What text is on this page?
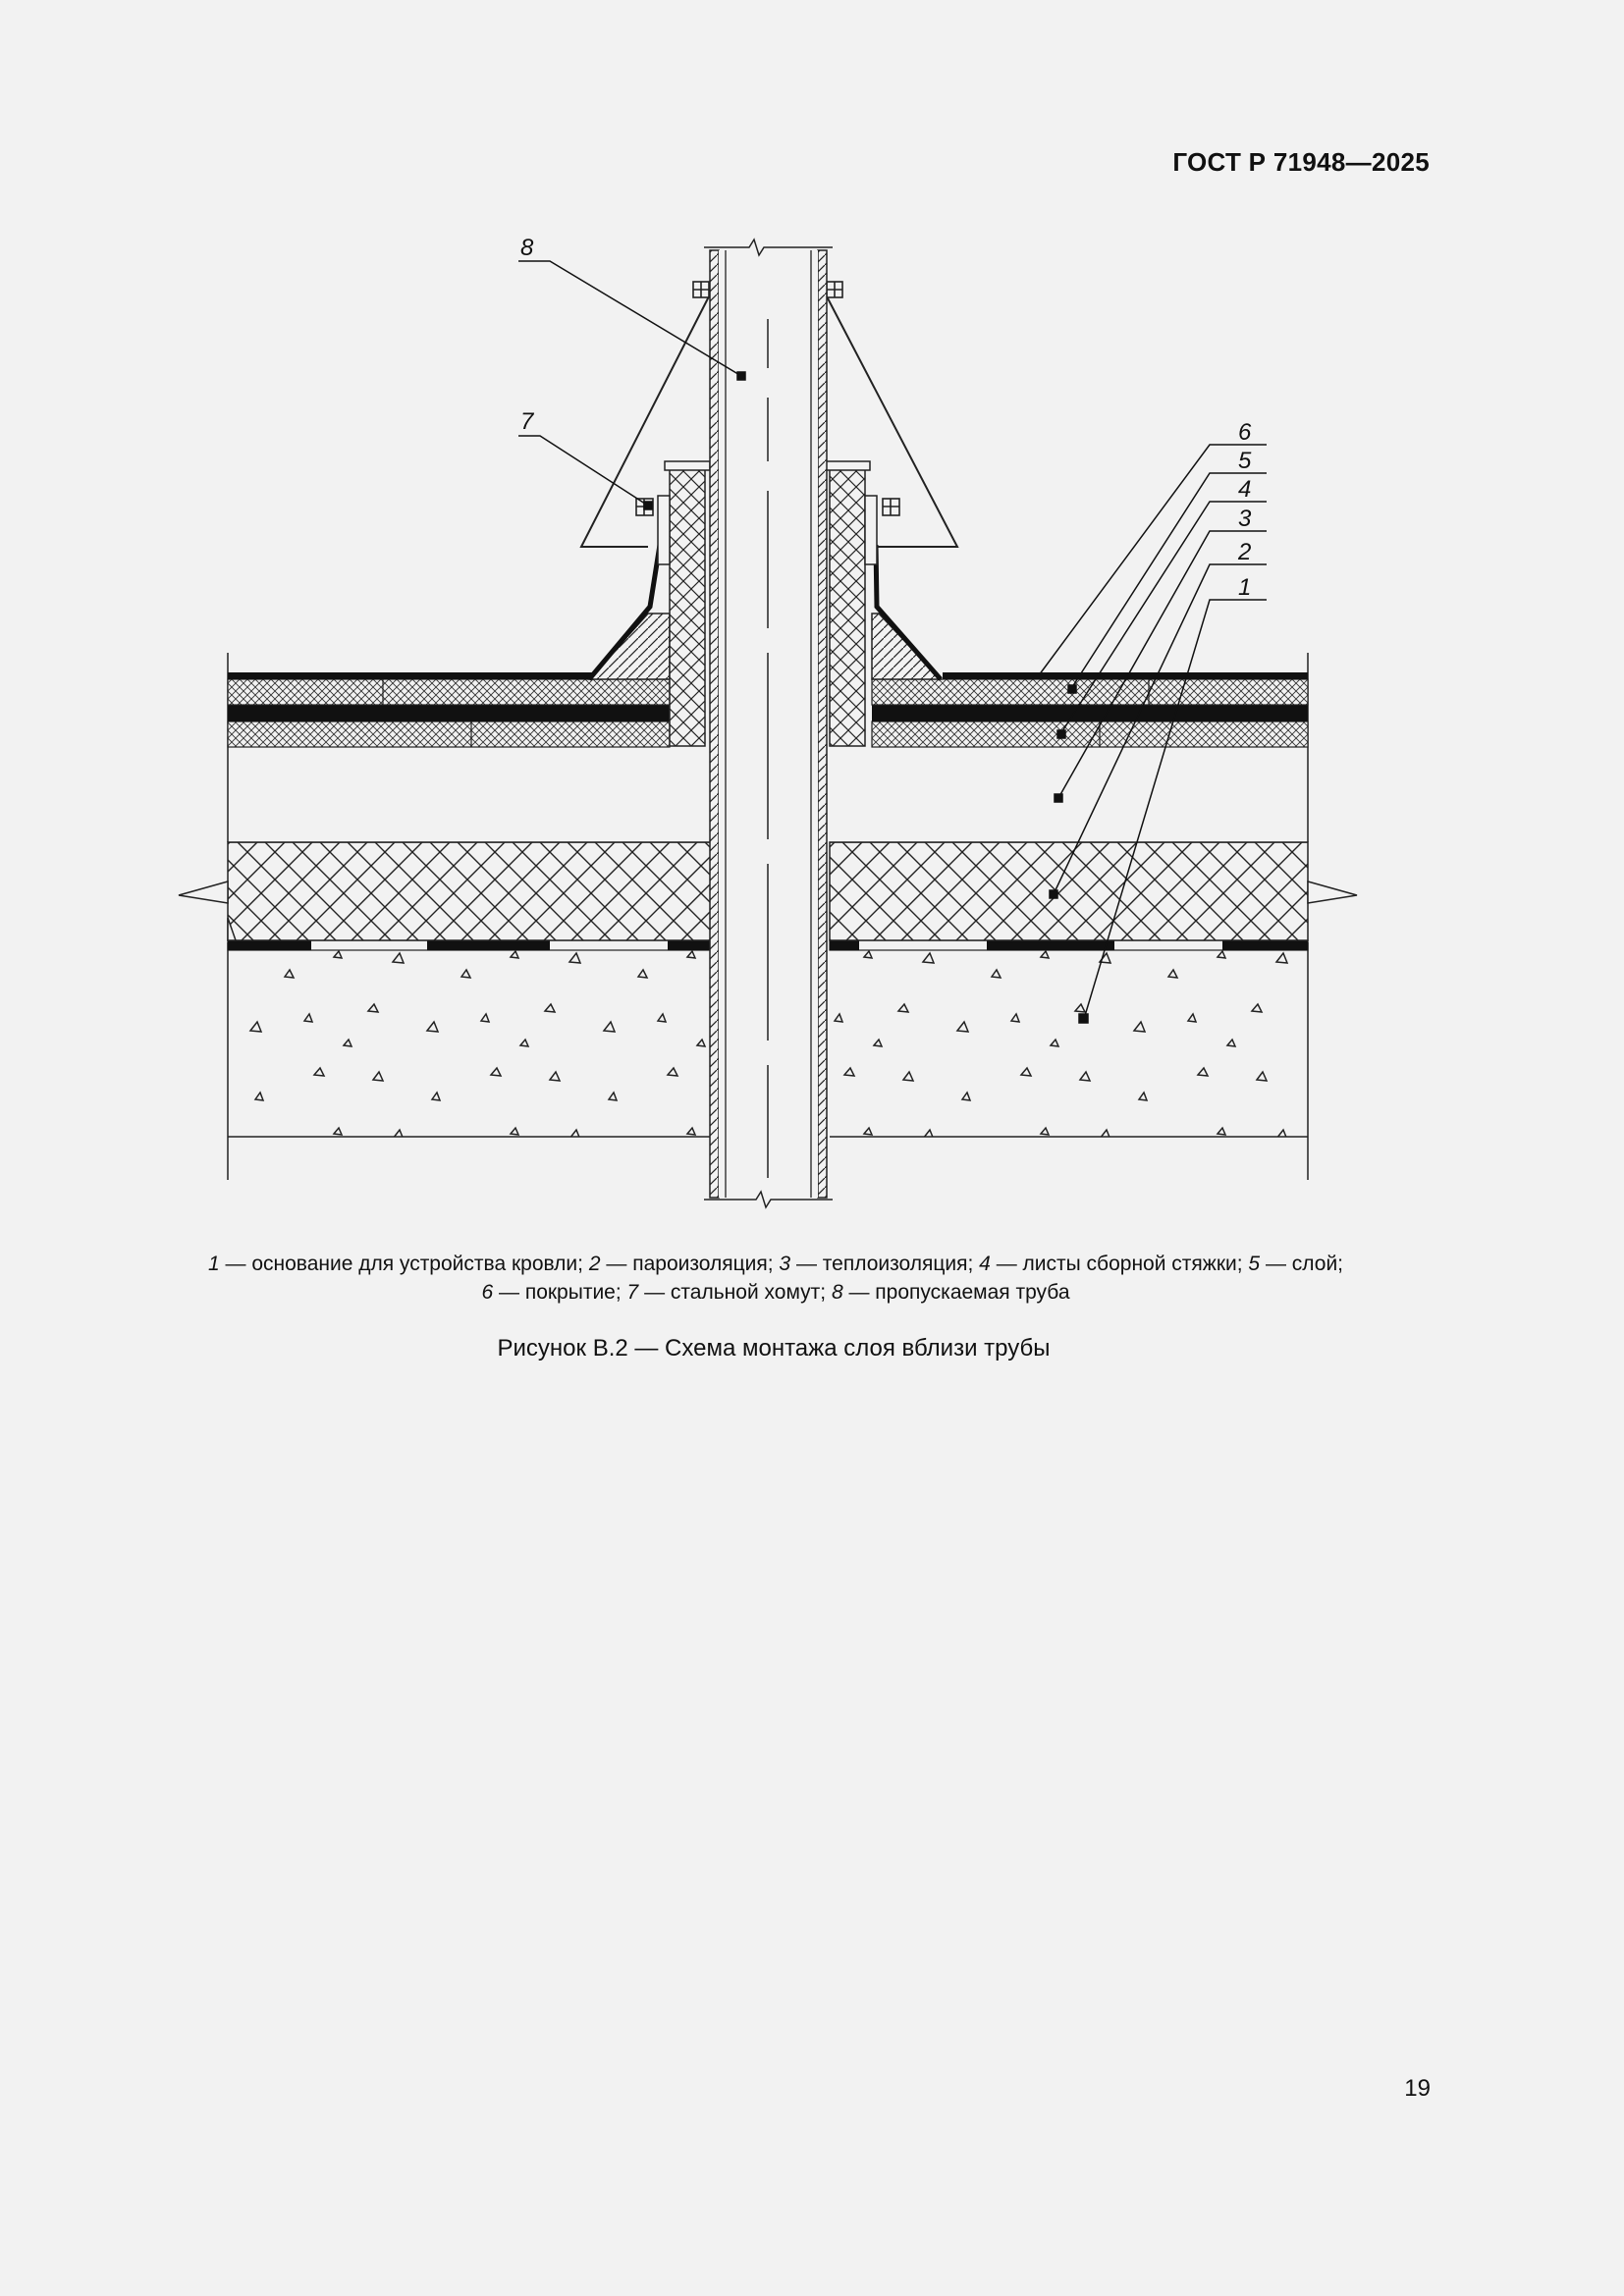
ГОСТ Р 71948—2025
8
7	6
5
4
3
2
1
1 — основание для устройства кровли; 2 — пароизоляция; 3 — теплоизоляция; 4 — листы сборной стяжки; 5 — слой;
6 — покрытие; 7 — стальной хомут; 8 — пропускаемая труба
Рисунок В.2 — Схема монтажа слоя вблизи трубы
19
